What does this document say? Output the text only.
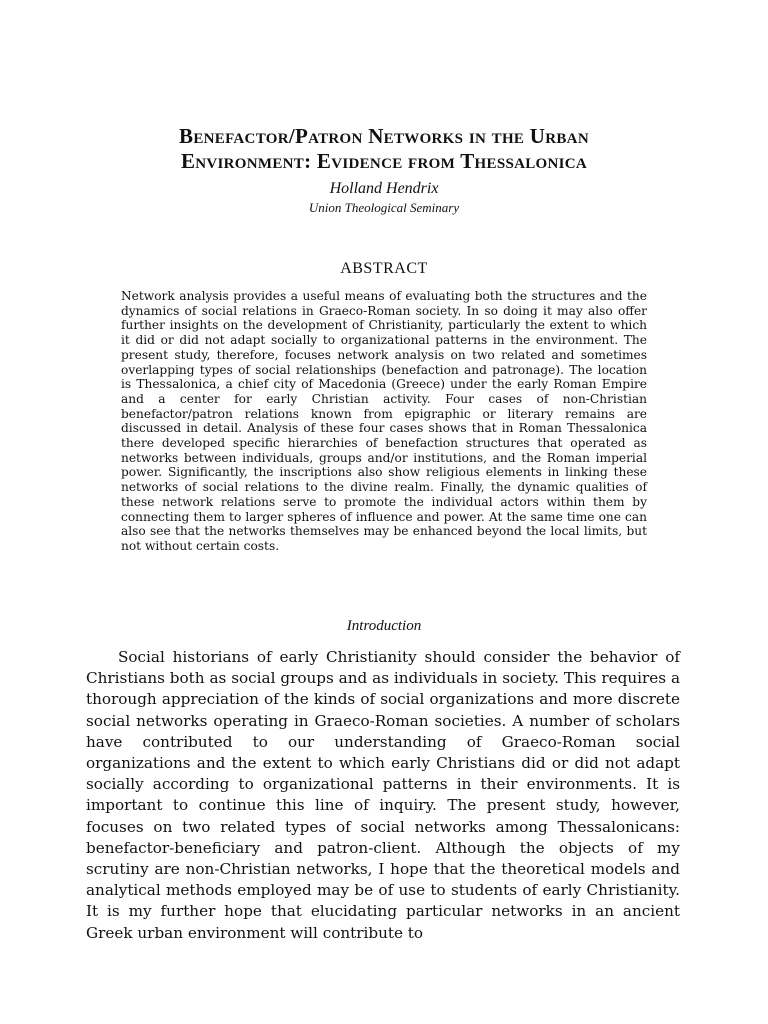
Benefactor/Patron Networks in the Urban

Environment: Evidence from Thessalonica

Holland Hendrix
Union Theological Seminary
ABSTRACT

Network analysis provides a useful means of evaluating both the structures and the dynamics of social relations in Graeco-Roman society. In so doing it may also offer further insights on the development of Christianity, particularly the extent to which it did or did not adapt socially to organizational patterns in the environment. The present study, therefore, focuses network analysis on two related and sometimes overlapping types of social relationships (benefaction and patronage). The location is Thessalonica, a chief city of Macedonia (Greece) under the early Roman Empire and a center for early Christian activity. Four cases of non-Christian benefactor/patron relations known from epigraphic or literary remains are discussed in detail. Analysis of these four cases shows that in Roman Thessalonica there developed specific hierarchies of benefaction structures that operated as networks between individuals, groups and/or institutions, and the Roman imperial power. Significantly, the inscriptions also show religious elements in linking these networks of social relations to the divine realm. Finally, the dynamic qualities of these network relations serve to promote the individual actors within them by connecting them to larger spheres of influence and power. At the same time one can also see that the networks themselves may be enhanced beyond the local limits, but not without certain costs.

Introduction

Social historians of early Christianity should consider the behavior of Christians both as social groups and as individuals in society. This requires a thorough appreciation of the kinds of social organizations and more discrete social networks operating in Graeco-Roman societies. A number of scholars have contributed to our understanding of Graeco-Roman social organizations and the extent to which early Christians did or did not adapt socially according to organizational patterns in their environments. It is important to continue this line of inquiry. The present study, however, focuses on two related types of social networks among Thessalonicans: benefactor-beneficiary and patron-client. Although the objects of my scrutiny are non-Christian networks, I hope that the theoretical models and analytical methods employed may be of use to students of early Christianity. It is my further hope that elucidating particular networks in an ancient Greek urban environment will contribute to
